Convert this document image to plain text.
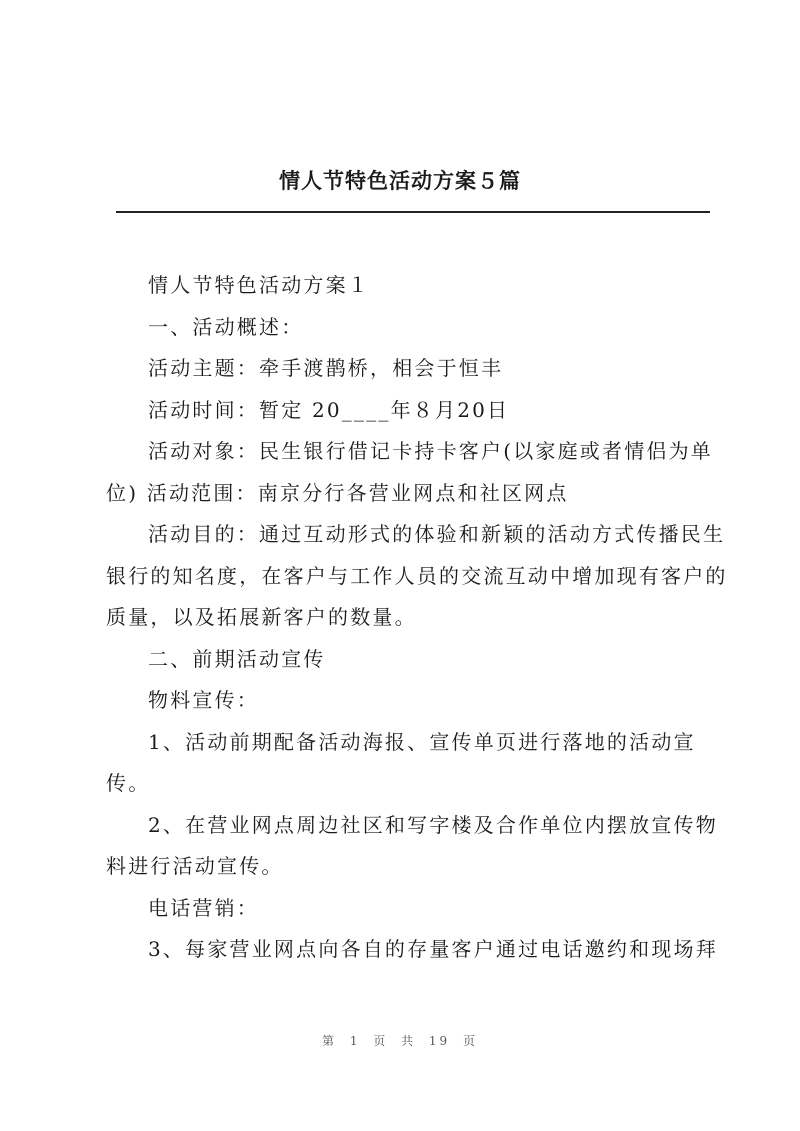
情人节特色活动方案５篇

情人节特色活动方案１

一、活动概述：

活动主题：牵手渡鹊桥，相会于恒丰

活动时间：暂定 20____年８月20日

活动对象：民生银行借记卡持卡客户(以家庭或者情侣为单

位) 活动范围：南京分行各营业网点和社区网点

活动目的：通过互动形式的体验和新颖的活动方式传播民生

银行的知名度，在客户与工作人员的交流互动中增加现有客户的

质量，以及拓展新客户的数量。

二、前期活动宣传

物料宣传：

1、活动前期配备活动海报、宣传单页进行落地的活动宣

传。

2、在营业网点周边社区和写字楼及合作单位内摆放宣传物

料进行活动宣传。

电话营销：

3、每家营业网点向各自的存量客户通过电话邀约和现场拜

第 1 页 共 19 页
